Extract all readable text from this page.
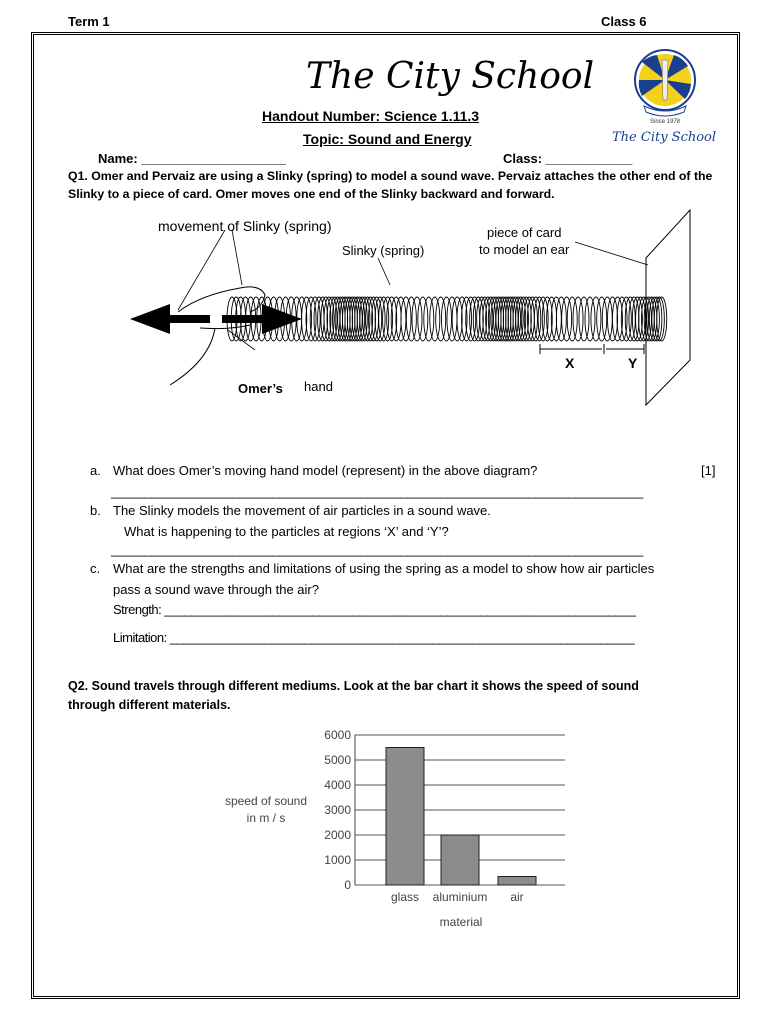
Term 1	Class 6
The City School
Since 1978
The City School
Handout Number: Science 1.11.3
Topic: Sound and Energy
Name: ____________________	Class: ____________
Q1. Omer and Pervaiz are using a Slinky (spring) to model a sound wave. Pervaiz attaches the other end of the
Slinky to a piece of card. Omer moves one end of the Slinky backward and forward.
movement of Slinky (spring)
Slinky (spring)
piece of card
to model an ear
Omer’s hand
X	Y
a. What does Omer’s moving hand model (represent) in the above diagram?	[1]
_______________________________________________________________________________
b. The Slinky models the movement of air particles in a sound wave.
What is happening to the particles at regions ‘X’ and ‘Y’?
_______________________________________________________________________________
c. What are the strengths and limitations of using the spring as a model to show how air particles
pass a sound wave through the air?
Strength: ______________________________________________________________________
Limitation: _____________________________________________________________________
Q2. Sound travels through different mediums. Look at the bar chart it shows the speed of sound
through different materials.
speed of sound
in m / s
material
0
1000
2000
3000
4000
5000
6000
glass aluminium air
